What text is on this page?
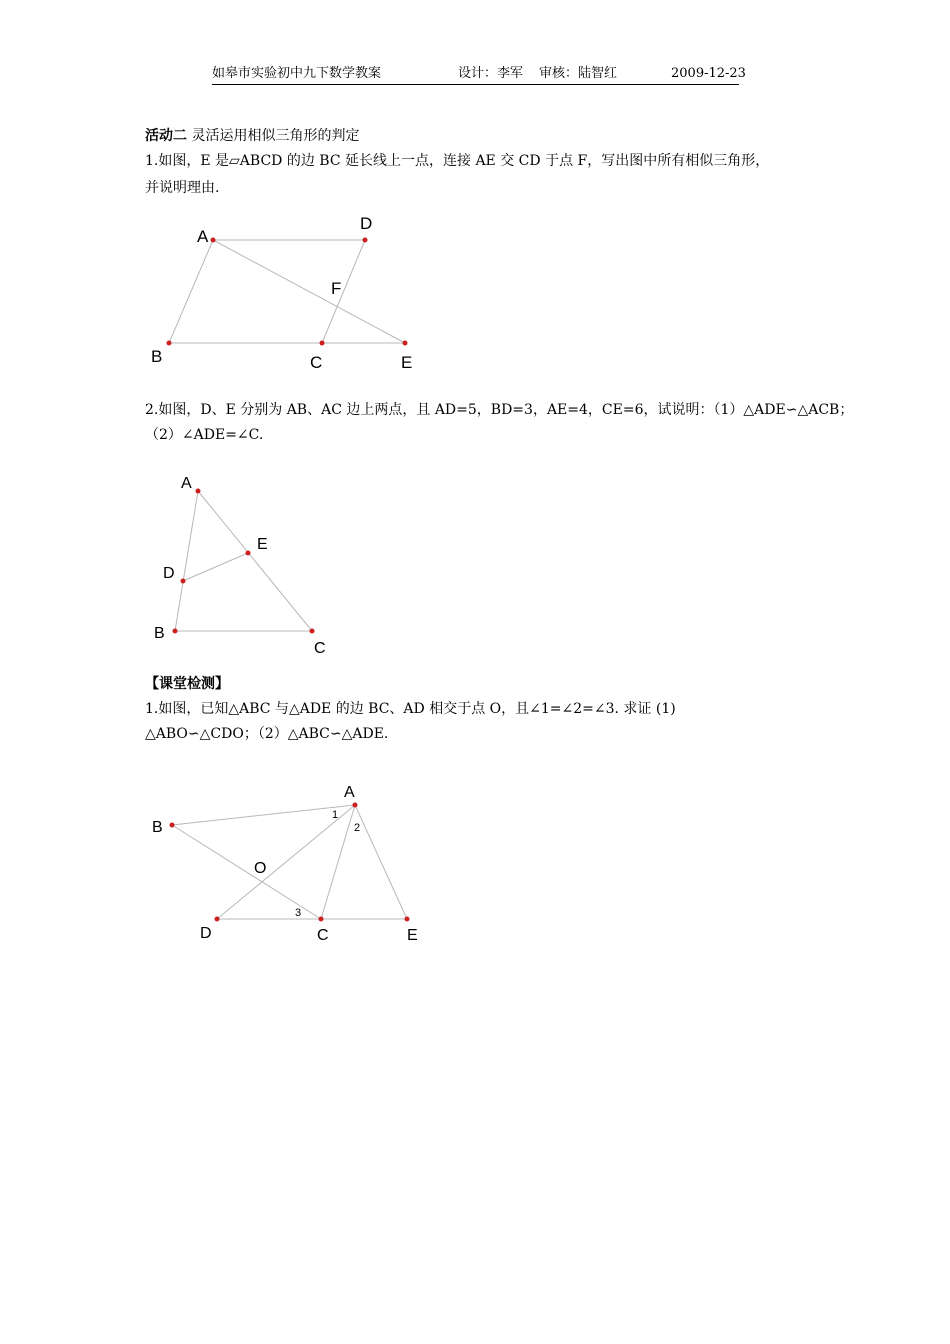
如皋市实验初中九下数学教案	设计：李军 审核：陆智红	2009-12-23
活动二 灵活运用相似三角形的判定
1.如图，E 是▱ABCD 的边 BC 延长线上一点，连接 AE 交 CD 于点 F，写出图中所有相似三角形，
并说明理由.
A
D
F
B	C	E
A
E
D
B
C
A
B
O
D	C	E
1
2
3
2.如图，D、E 分别为 AB、AC 边上两点，且 AD=5，BD=3，AE=4，CE=6，试说明：（1）△ADE∽△ACB；
（2）∠ADE=∠C.
【课堂检测】
1.如图，已知△ABC 与△ADE 的边 BC、AD 相交于点 O，且∠1=∠2=∠3. 求证 (1)
△ABO∽△CDO；（2）△ABC∽△ADE.
